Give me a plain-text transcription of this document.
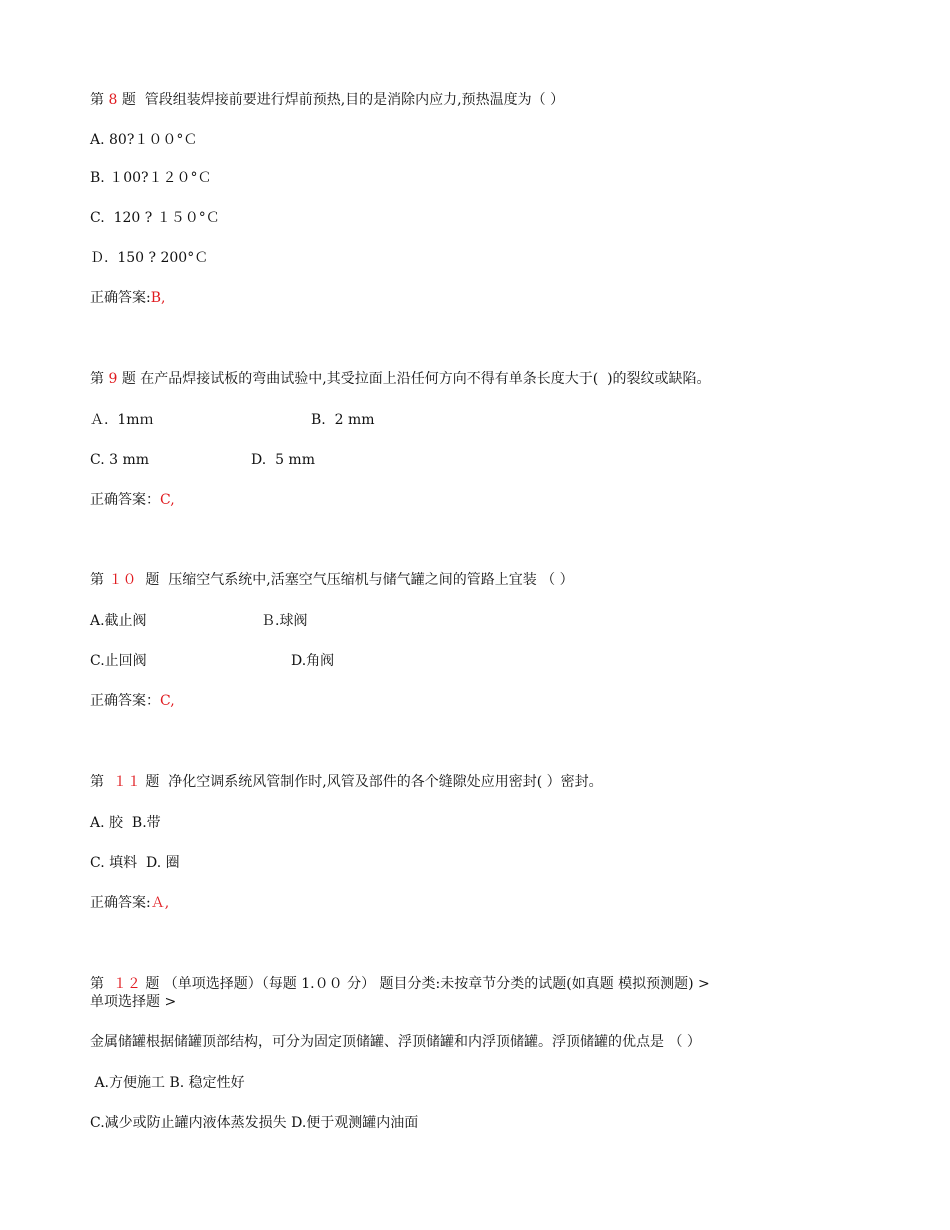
第 8 题 管段组装焊接前要进行焊前预热,目的是消除内应力,预热温度为（ ）
A. 80?１００°Ｃ
B. １00?１２０°Ｃ
C.  120 ? １５０°Ｃ
Ｄ.  150 ? 200°Ｃ
正确答案:B,
第 9 题 在产品焊接试板的弯曲试验中,其受拉面上沿任何方向不得有单条长度大于(  )的裂纹或缺陷。
Ａ.  1mｍ	B.  2 mm
C. 3 mm	D.  5 mm
正确答案：C,
第 １０  题 压缩空气系统中,活塞空气压缩机与储气罐之间的管路上宜装 （ ）
A.截止阀	Ｂ.球阀
C.止回阀	D.角阀
正确答案：C,
第  １１ 题 净化空调系统风管制作时,风管及部件的各个缝隙处应用密封( ）密封。
A. 胶  B.带
C. 填料  D. 圈
正确答案:Ａ,
第  １２ 题 （单项选择题）（每题 1.００ 分） 题目分类:未按章节分类的试题(如真题 模拟预测题) >
单项选择题 >
金属储罐根据储罐顶部结构，可分为固定顶储罐、浮顶储罐和内浮顶储罐。浮顶储罐的优点是 （ ）
A.方便施工 B. 稳定性好
C.减少或防止罐内液体蒸发损失 D.便于观测罐内油面
